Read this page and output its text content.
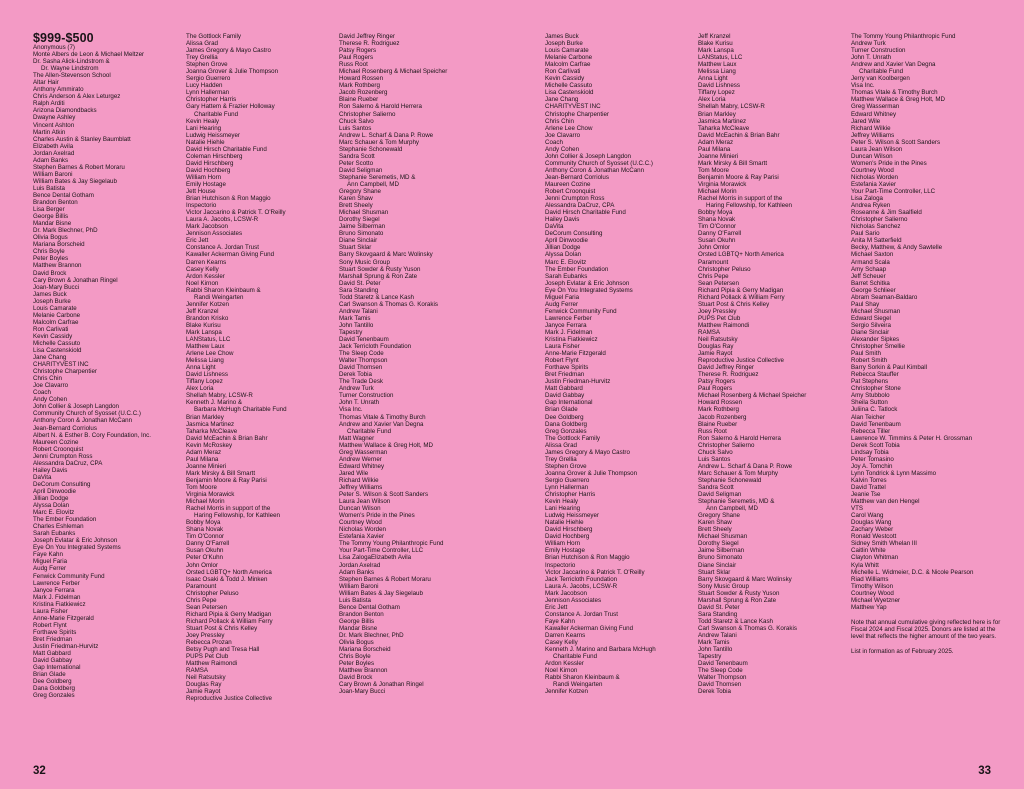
$999-$500
Anonymous (7)
Monte Albers de Leon & Michael Meltzer
Dr. Sasha Alick-Lindstrom &
Dr. Wayne Lindstrom
The Allen-Stevenson School
Altar Hair
Anthony Ammirato
Chris Anderson & Alex Leturgez
Ralph Arditi
Arizona Diamondbacks
Dwayne Ashley
Vincent Ashton
Martin Atkin
Charles Austin & Stanley Baumblatt
Elizabeth Avila
Jordan Axelrad
Adam Banks
Stephen Barnes & Robert Moraru
William Baroni
William Bates & Jay Siegelaub
Luis Batista
Bence Dental Gotham
Brandon Benton
Lisa Berger
George Billis
Mandar Bisne
Dr. Mark Blechner, PhD
Olivia Bogus
Mariana Borscheid
Chris Boyle
Peter Boyles
Matthew Brannon
David Brock
Cary Brown & Jonathan Ringel
Joan-Mary Bucci
James Buck
Joseph Burke
Louis Camarate
Melanie Carbone
Malcolm Carfrae
Ron Carlivati
Kevin Cassidy
Michelle Cassuto
Lisa Castenskiold
Jane Chang
CHARITYVEST INC
Christophe Charpentier
Chris Chin
Joe Clavarro
Coach
Andy Cohen
John Collier & Joseph Langdon
Community Church of Syosset (U.C.C.)
Anthony Coron & Jonathan McCann
Jean-Bernard Corriolus
Albert N. & Esther B. Cory Foundation, Inc.
Maureen Cozine
Robert Croonquist
Jenni Crumpton Ross
Alessandra DaCruz, CPA
Hailey Davis
DaVita
DeCorum Consulting
April Dinwoodie
Jillian Dodge
Alyssa Dolan
Marc E. Elovitz
The Ember Foundation
Charles Eshleman
Sarah Eubanks
Joseph Evlatar & Eric Johnson
Eye On You Integrated Systems
Faye Kahn
Miguel Faria
Audg Ferrer
Fenwick Community Fund
Lawrence Ferber
Janyce Ferrara
Mark J. Fidelman
Kristina Fiatkiewicz
Laura Fisher
Anne-Marie Fitzgerald
Robert Flynt
Forthave Spirits
Bret Friedman
Justin Friedman-Hurvitz
Matt Gabbard
David Gabbay
Gap International
Brian Glade
Dee Goldberg
Dana Goldberg
Greg Gonzales
The Gottlock Family
Alissa Grad
James Gregory & Mayo Castro
Trey Grellia
Stephen Grove
Joanna Grover & Julie Thompson
Sergio Guerrero
Lucy Hadden
Lynn Hallerman
Christopher Harris
Gary Hattem & Frazier Holloway
Charitable Fund
Kevin Healy
Lani Hearing
Ludwig Heissmeyer
Natalie Hiehle
David Hirsch Charitable Fund
Coleman Hirschberg
David Hirschberg
David Hochberg
William Horn
Emily Hostage
Jett House
Brian Hutchison & Ron Maggio
Inspectorio
Victor Jaccarino & Patrick T. O'Reilly
Laura A. Jacobs, LCSW-R
Mark Jacobson
Jennison Associates
Eric Jett
Constance A. Jordan Trust
Kawaller Ackerman Giving Fund
Darren Kearns
Casey Kelly
Ardon Kessler
Noel Kirnon
Rabbi Sharon Kleinbaum &
Randi Weingarten
Jennifer Kotzen
Jeff Kranzel
Brandon Krisko
Blake Kurisu
Mark Lanspa
LANStatus, LLC
Matthew Laux
Arlene Lee Chow
Melissa Liang
Anna Light
David Lishness
Tiffany Lopez
Alex Loria
Shellah Mabry, LCSW-R
Kenneth J. Marino &
Barbara McHugh Charitable Fund
Brian Markley
Jasmica Martinez
Taharka McCleave
David McEachin & Brian Bahr
Kevin McRoskey
Adam Meraz
Paul Milana
Joanne Minieri
Mark Mirsky & Bill Smartt
Benjamin Moore & Ray Parisi
Tom Moore
Virginia Morawick
Michael Morin
Rachel Morris in support of the
Haring Fellowship, for Kathleen
Bobby Moya
Shana Novak
Tim O'Connor
Danny O'Farrell
Susan Okuhn
Peter O'Kuhn
John Omlor
Orsted LGBTQ+ North America
Isaac Osaki & Todd J. Minken
Paramount
Christopher Peluso
Chris Pepe
Sean Petersen
Richard Pipia & Gerry Madigan
Richard Pollack & William Ferry
Stuart Post & Chris Kelley
Joey Pressley
Rebecca Prozan
Betsy Pugh and Tresa Hall
PUPS Pet Club
Matthew Raimondi
RAMSA
Neil Ratsutsky
Douglas Ray
Jamie Rayot
Reproductive Justice Collective
David Jeffrey Ringer
Therese R. Rodriguez
Patsy Rogers
Paul Rogers
Russ Root
Michael Rosenberg & Michael Speicher
Howard Rossen
Mark Rothberg
Jacob Rozenberg
Blaine Rueber
Ron Salerno & Harold Herrera
Christopher Salierno
Chuck Salvo
Luis Santos
Andrew L. Scharf & Dana P. Rowe
Marc Schauer & Tom Murphy
Stephanie Schonewald
Sandra Scott
Peter Scotto
David Seligman
Stephanie Seremetis, MD &
Ann Campbell, MD
Gregory Shane
Karen Shaw
Brett Sheely
Michael Shusman
Dorothy Siegel
Jaime Silberman
Bruno Simonato
Diane Sinclair
Stuart Sklar
Barry Skovgaard & Marc Wolinsky
Sony Music Group
Stuart Sowder & Rusty Yuson
Marshall Sprung & Ron Zate
David St. Peter
Sara Standing
Todd Staretz & Lance Kash
Carl Swanson & Thomas G. Korakis
Andrew Talani
Mark Tamis
John Tantillo
Tapestry
David Tenenbaum
Jack Terricloth Foundation
The Sleep Code
Walter Thompson
David Thomsen
Derek Tobia
The Trade Desk
Andrew Turk
Turner Construction
John T. Unrath
Visa Inc.
Thomas Vitale & Timothy Burch
Andrew and Xavier Van Degna
Charitable Fund
Matt Wagner
Matthew Wallace & Greg Holt, MD
Greg Wasserman
Andrew Werner
Edward Whitney
Jared Wile
Richard Wilkie
Jeffrey Williams
Peter S. Wilson & Scott Sanders
Laura Jean Wilson
Duncan Wilson
Women's Pride in the Pines
Courtney Wood
Nicholas Worden
Estefania Xavier
The Tommy Young Philanthropic Fund
Your Part-Time Controller, LLC
Lisa ZalogaElizabeth Avila
Jordan Axelrad
Adam Banks
Stephen Barnes & Robert Moraru
William Baroni
William Bates & Jay Siegelaub
Luis Batista
Bence Dental Gotham
Brandon Benton
George Billis
Mandar Bisne
Dr. Mark Blechner, PhD
Olivia Bogus
Mariana Borscheid
Chris Boyle
Peter Boyles
Matthew Brannon
David Brock
Cary Brown & Jonathan Ringel
Joan-Mary Bucci
James Buck
Joseph Burke
Louis Camarate
Melanie Carbone
Malcolm Carfrae
Ron Carlivati
Kevin Cassidy
Michelle Cassuto
Lisa Castenskiold
Jane Chang
CHARITYVEST INC
Christophe Charpentier
Chris Chin
Arlene Lee Chow
Joe Clavarro
Coach
Andy Cohen
John Collier & Joseph Langdon
Community Church of Syosset (U.C.C.)
Anthony Coron & Jonathan McCann
Jean-Bernard Corriolus
Maureen Cozine
Robert Croonquist
Jenni Crumpton Ross
Alessandra DaCruz, CPA
David Hirsch Charitable Fund
Hailey Davis
DaVita
DeCorum Consulting
April Dinwoodie
Jillian Dodge
Alyssa Dolan
Marc E. Elovitz
The Ember Foundation
Sarah Eubanks
Joseph Evlatar & Eric Johnson
Eye On You Integrated Systems
Miguel Faria
Audg Ferrer
Fenwick Community Fund
Lawrence Ferber
Janyce Ferrara
Mark J. Fidelman
Kristina Fiatkiewicz
Laura Fisher
Anne-Marie Fitzgerald
Robert Flynt
Forthave Spirits
Bret Friedman
Justin Friedman-Hurvitz
Matt Gabbard
David Gabbay
Gap International
Brian Glade
Dee Goldberg
Dana Goldberg
Greg Gonzales
The Gottlock Family
Alissa Grad
James Gregory & Mayo Castro
Trey Grellia
Stephen Grove
Joanna Grover & Julie Thompson
Sergio Guerrero
Lynn Hallerman
Christopher Harris
Kevin Healy
Lani Hearing
Ludwig Heissmeyer
Natalie Hiehle
David Hirschberg
David Hochberg
William Horn
Emily Hostage
Brian Hutchison & Ron Maggio
Inspectorio
Victor Jaccarino & Patrick T. O'Reilly
Jack Terricloth Foundation
Laura A. Jacobs, LCSW-R
Mark Jacobson
Jennison Associates
Eric Jett
Constance A. Jordan Trust
Faye Kahn
Kawaller Ackerman Giving Fund
Darren Kearns
Casey Kelly
Kenneth J. Marino and Barbara McHugh
Charitable Fund
Ardon Kessler
Noel Kirnon
Rabbi Sharon Kleinbaum &
Randi Weingarten
Jennifer Kotzen
Jeff Kranzel
Blake Kurisu
Mark Lanspa
LANStatus, LLC
Matthew Laux
Melissa Liang
Anna Light
David Lishness
Tiffany Lopez
Alex Loria
Shellah Mabry, LCSW-R
Brian Markley
Jasmica Martinez
Taharka McCleave
David McEachin & Brian Bahr
Adam Meraz
Paul Milana
Joanne Minieri
Mark Mirsky & Bill Smartt
Tom Moore
Benjamin Moore & Ray Parisi
Virginia Morawick
Michael Morin
Rachel Morris in support of the
Haring Fellowship, for Kathleen
Bobby Moya
Shana Novak
Tim O'Connor
Danny O'Farrell
Susan Okuhn
John Omlor
Orsted LGBTQ+ North America
Paramount
Christopher Peluso
Chris Pepe
Sean Petersen
Richard Pipia & Gerry Madigan
Richard Pollack & William Ferry
Stuart Post & Chris Kelley
Joey Pressley
PUPS Pet Club
Matthew Raimondi
RAMSA
Neil Ratsutsky
Douglas Ray
Jamie Rayot
Reproductive Justice Collective
David Jeffrey Ringer
Therese R. Rodriguez
Patsy Rogers
Paul Rogers
Michael Rosenberg & Michael Speicher
Howard Rossen
Mark Rothberg
Jacob Rozenberg
Blaine Rueber
Russ Root
Ron Salerno & Harold Herrera
Christopher Salierno
Chuck Salvo
Luis Santos
Andrew L. Scharf & Dana P. Rowe
Marc Schauer & Tom Murphy
Stephanie Schonewald
Sandra Scott
David Seligman
Stephanie Seremetis, MD &
Ann Campbell, MD
Gregory Shane
Karen Shaw
Brett Sheely
Michael Shusman
Dorothy Siegel
Jaime Silberman
Bruno Simonato
Diane Sinclair
Stuart Sklar
Barry Skovgaard & Marc Wolinsky
Sony Music Group
Stuart Sowder & Rusty Yuson
Marshall Sprung & Ron Zate
David St. Peter
Sara Standing
Todd Staretz & Lance Kash
Carl Swanson & Thomas G. Korakis
Andrew Talani
Mark Tamis
John Tantillo
Tapestry
David Tenenbaum
The Sleep Code
Walter Thompson
David Thomsen
Derek Tobia
The Tommy Young Philanthropic Fund
Andrew Turk
Turner Construction
John T. Unrath
Andrew and Xavier Van Degna
Charitable Fund
Jerry van Koolbergen
Visa Inc.
Thomas Vitale & Timothy Burch
Matthew Wallace & Greg Holt, MD
Greg Wasserman
Edward Whitney
Jared Wile
Richard Wilkie
Jeffrey Williams
Peter S. Wilson & Scott Sanders
Laura Jean Wilson
Duncan Wilson
Women's Pride in the Pines
Courtney Wood
Nicholas Worden
Estefania Xavier
Your Part-Time Controller, LLC
Lisa Zaloga
Andrea Ryken
Roseanne & Jim Saalfield
Christopher Salierno
Nicholas Sanchez
Paul Sario
Anita M Satterfield
Becky, Matthew, & Andy Sawtelle
Michael Saxton
Armand Scala
Amy Schaap
Jeff Scheuer
Barret Schitka
George Schlieer
Abram Seaman-Baldaro
Paul Shay
Michael Shusman
Edward Siegel
Sergio Silveira
Diane Sinclair
Alexander Sipkes
Christopher Smellie
Paul Smith
Robert Smith
Barry Sorkin & Paul Kimball
Rebecca Stauffer
Pat Stephens
Christopher Stone
Amy Stubbolo
Sheila Sutton
Juliina C. Tatlock
Alan Teicher
David Tenenbaum
Rebecca Tiller
Lawrence W. Timmins & Peter H. Grossman
Derek Scott Tobia
Lindsay Tobia
Peter Tomasino
Joy A. Tomchin
Lynn Tondrick & Lynn Massimo
Kalvin Torres
David Trattel
Jeanie Tse
Matthew van den Hengel
VTS
Carol Wang
Douglas Wang
Zachary Weber
Ronald Westcott
Sidney Smith Whelan III
Caitlin White
Clayton Whitman
Kyla Whitt
Michelle L. Widmeier, D.C. & Nicole Pearson
Riad Williams
Timothy Wilson
Courtney Wood
Michael Wyetzner
Matthew Yap
Note that annual cumulative giving reflected here is for Fiscal 2024 and Fiscal 2025. Donors are listed at the level that reflects the higher amount of the two years.
List in formation as of February 2025.
32	33
